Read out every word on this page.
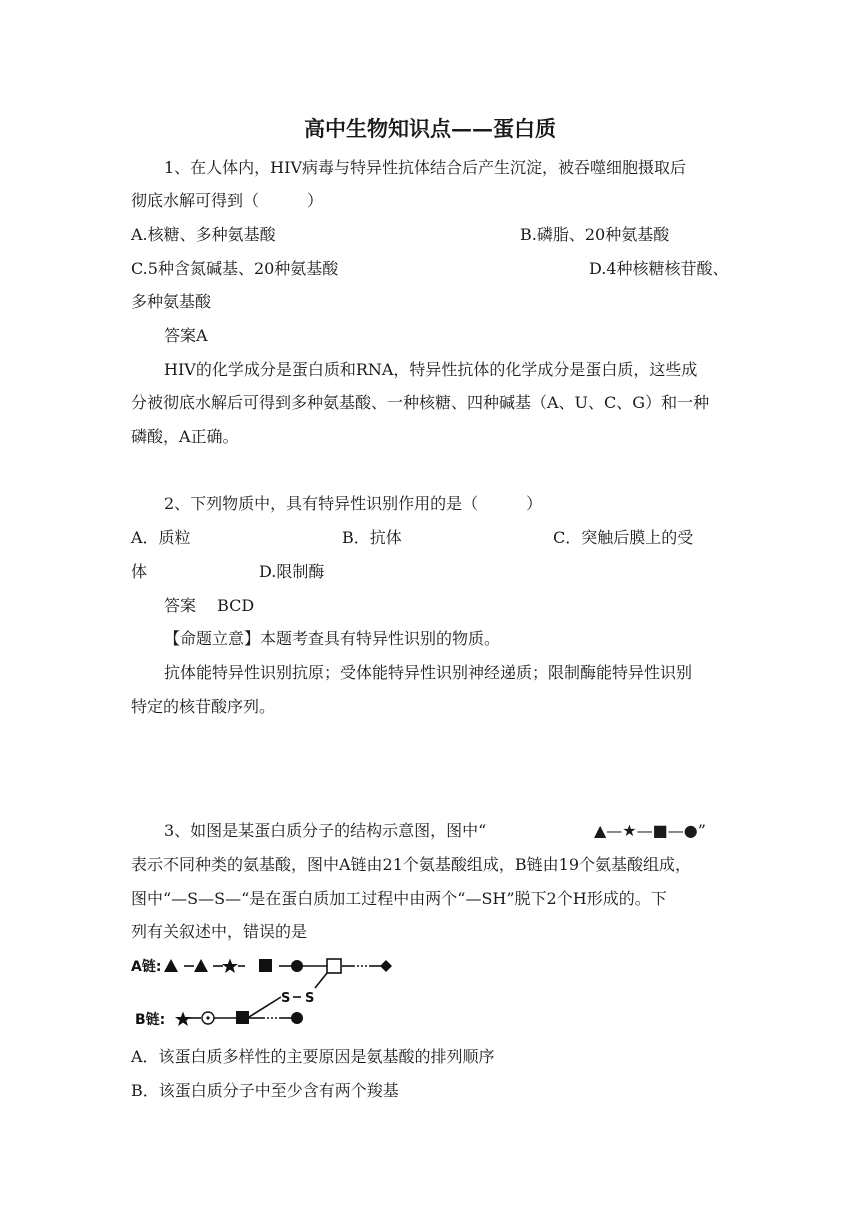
高中生物知识点——蛋白质
1、在人体内，HIV病毒与特异性抗体结合后产生沉淀，被吞噬细胞摄取后
彻底水解可得到（　　　）
A.核糖、多种氨基酸	B.磷脂、20种氨基酸
C.5种含氮碱基、20种氨基酸	D.4种核糖核苷酸、
多种氨基酸
答案A
HIV的化学成分是蛋白质和RNA，特异性抗体的化学成分是蛋白质，这些成
分被彻底水解后可得到多种氨基酸、一种核糖、四种碱基（A、U、C、G）和一种
磷酸，A正确。
2、下列物质中，具有特异性识别作用的是（　　　）
A．质粒	B．抗体	C．突触后膜上的受
体	D.限制酶
答案　 BCD
【命题立意】本题考查具有特异性识别的物质。
抗体能特异性识别抗原；受体能特异性识别神经递质；限制酶能特异性识别
特定的核苷酸序列。
3、如图是某蛋白质分子的结构示意图，图中“	▲—★—■—●”
表示不同种类的氨基酸，图中A链由21个氨基酸组成，B链由19个氨基酸组成，
图中“—S—S—“是在蛋白质加工过程中由两个“—SH”脱下2个H形成的。下
列有关叙述中，错误的是
A链:
S S
B链:
A．该蛋白质多样性的主要原因是氨基酸的排列顺序
B．该蛋白质分子中至少含有两个羧基
